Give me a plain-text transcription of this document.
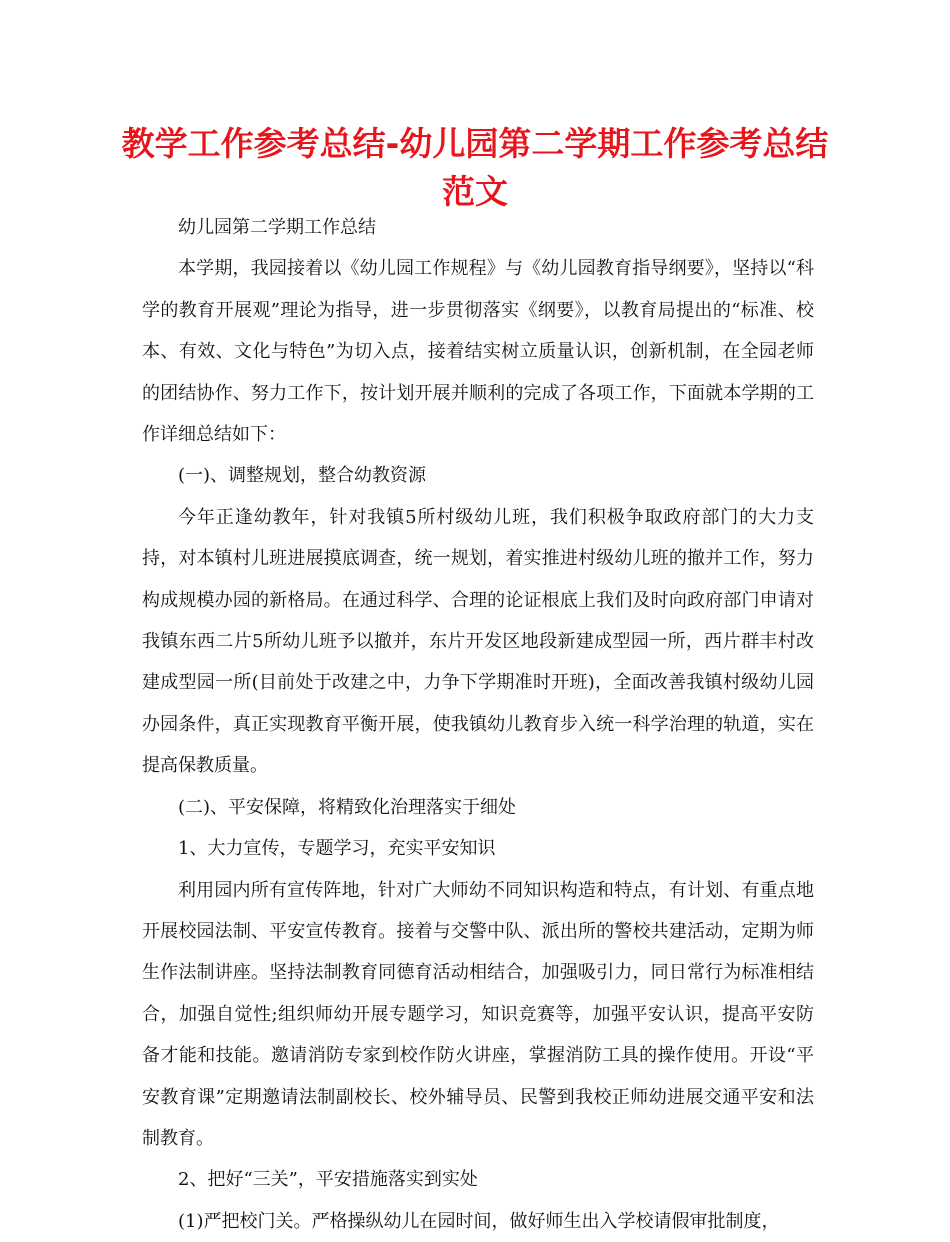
教学工作参考总结-幼儿园第二学期工作参考总结
范文

幼儿园第二学期工作总结

本学期，我园接着以《幼儿园工作规程》与《幼儿园教育指导纲要》，坚持以“科学的教育开展观”理论为指导，进一步贯彻落实《纲要》，以教育局提出的“标准、校本、有效、文化与特色”为切入点，接着结实树立质量认识，创新机制，在全园老师的团结协作、努力工作下，按计划开展并顺利的完成了各项工作，下面就本学期的工作详细总结如下：

(一)、调整规划，整合幼教资源

今年正逢幼教年，针对我镇5所村级幼儿班，我们积极争取政府部门的大力支持，对本镇村儿班进展摸底调查，统一规划，着实推进村级幼儿班的撤并工作，努力构成规模办园的新格局。在通过科学、合理的论证根底上我们及时向政府部门申请对我镇东西二片5所幼儿班予以撤并，东片开发区地段新建成型园一所，西片群丰村改建成型园一所(目前处于改建之中，力争下学期准时开班)，全面改善我镇村级幼儿园办园条件，真正实现教育平衡开展，使我镇幼儿教育步入统一科学治理的轨道，实在提高保教质量。

(二)、平安保障，将精致化治理落实于细处

1、大力宣传，专题学习，充实平安知识

利用园内所有宣传阵地，针对广大师幼不同知识构造和特点，有计划、有重点地开展校园法制、平安宣传教育。接着与交警中队、派出所的警校共建活动，定期为师生作法制讲座。坚持法制教育同德育活动相结合，加强吸引力，同日常行为标准相结合，加强自觉性;组织师幼开展专题学习，知识竞赛等，加强平安认识，提高平安防备才能和技能。邀请消防专家到校作防火讲座，掌握消防工具的操作使用。开设“平安教育课”定期邀请法制副校长、校外辅导员、民警到我校正师幼进展交通平安和法制教育。

2、把好“三关”，平安措施落实到实处

(1)严把校门关。严格操纵幼儿在园时间，做好师生出入学校请假审批制度，
